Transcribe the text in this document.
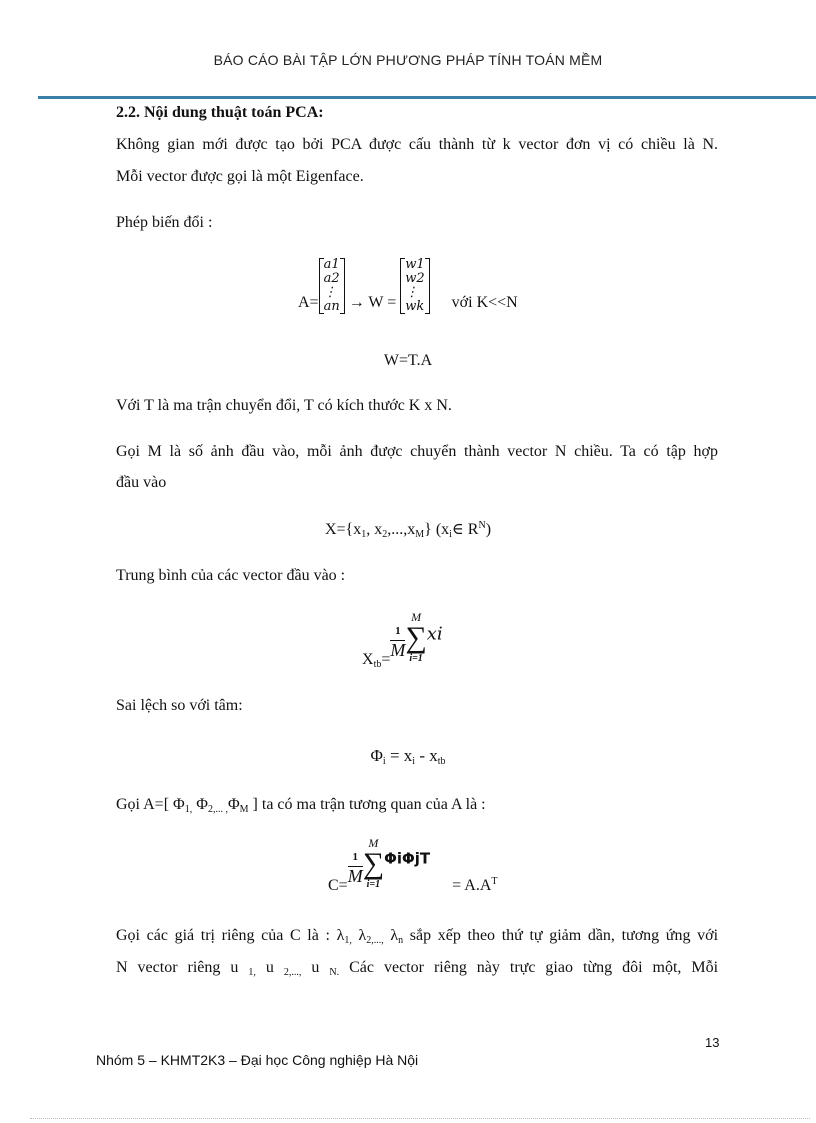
BÁO CÁO BÀI TẬP LỚN PHƯƠNG PHÁP TÍNH TOÁN MỀM
2.2. Nội dung thuật toán PCA:
Không gian mới được tạo bởi PCA được cấu thành từ k vector đơn vị có chiều là N.
Mỗi vector được gọi là một Eigenface.
Phép biến đổi :
A=
a1
a2
⋮
an → W =
w1
w2
⋮
wk với K<<N
W=T.A
Với T là ma trận chuyển đổi, T có kích thước K x N.
Gọi M là số ảnh đầu vào, mỗi ảnh được chuyển thành vector N chiều. Ta có tập hợp
đầu vào
$X=\{x_1$, $x_2,...,x_M$} ($x_i\in$ $R^N$)
Trung bình của các vector đầu vào :
$X_{tb}=$
$\frac{1}{M}$
M
∑
i=1
xi
Sai lệch so với tâm:
$\Phi_i = x_i - x_{tb}$
Gọi A=[ $\Phi_{1,}$ $\Phi_{2,... ,}\Phi_M$ ] ta có ma trận tương quan của A là :
C=
$\frac{1}{M}$
M
∑
i=1
$\Phi i\Phi jT= A.A^T$
Gọi các giá trị riêng của C là : $\lambda_{1,}$ $\lambda_{2,...,}$ $\lambda_n$ sắp xếp theo thứ tự giảm dần, tương ứng với
N vector riêng u $_{1,}$ u $_{2,...,}$ u $_{N.}$ Các vector riêng này trực giao từng đôi một, Mỗi
13
Nhóm 5 – KHMT2K3 – Đại học Công nghiệp Hà Nội
